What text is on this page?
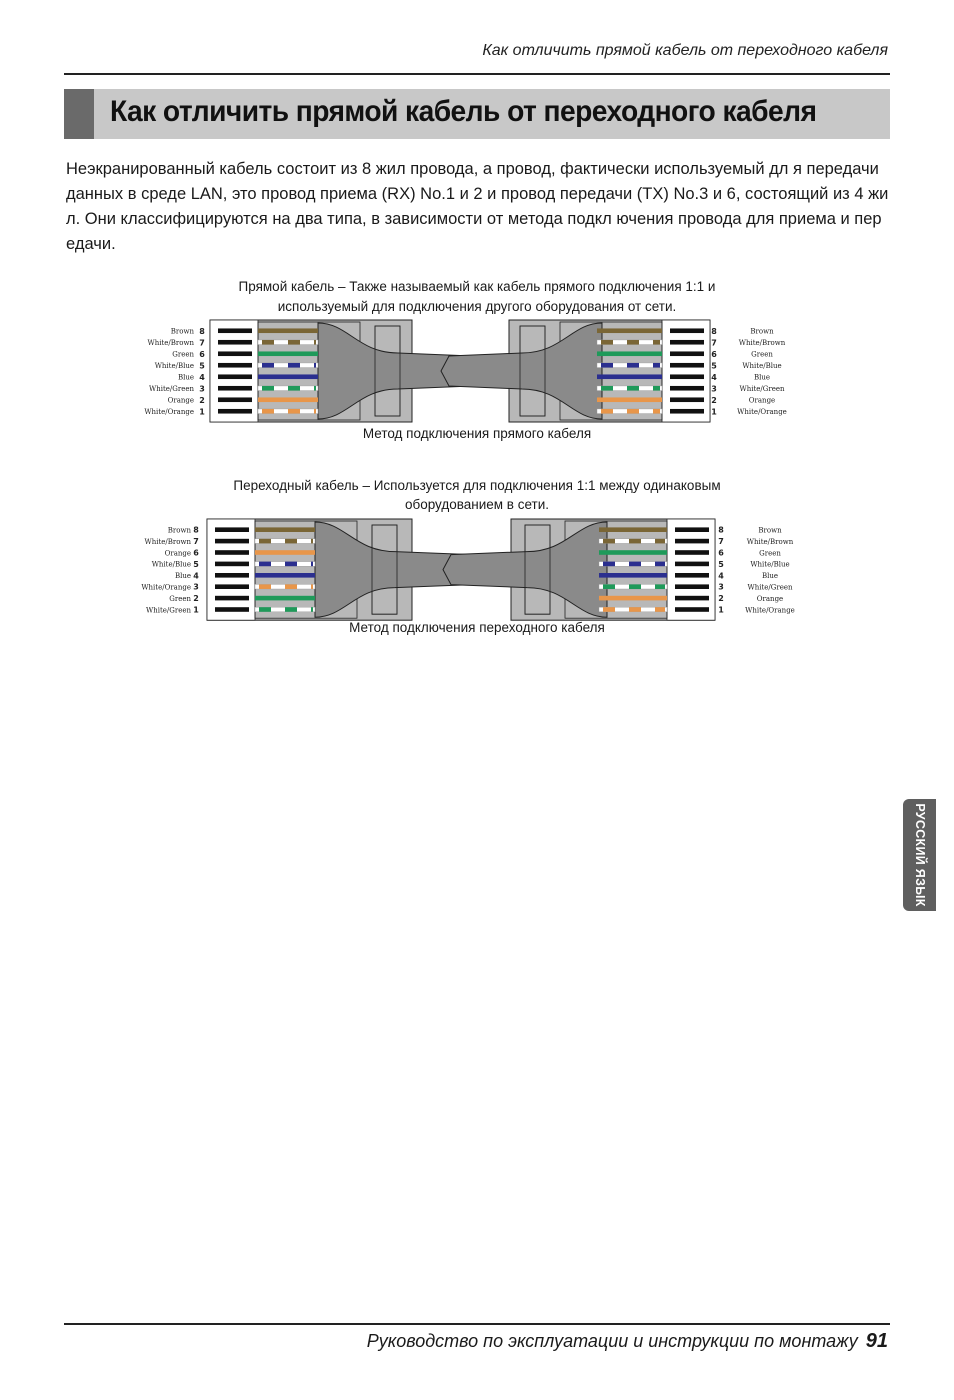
Как отличить прямой кабель от переходного кабеля
Как отличить прямой кабель от переходного кабеля

Неэкранированный кабель состоит из 8 жил провода, а провод, фактически используемый дл я передачи данных в среде LAN, это провод приема (RX) No.1 и 2 и провод передачи (TX) No.3 и 6, состоящий из 4 жил. Они классифицируются на два типа, в зависимости от метода подкл ючения провода для приема и передачи.

Прямой кабель – Также называемый как кабель прямого подключения 1:1 и
используемый для подключения другого оборудования от сети.
Brown 8
White/Brown 7
Green 6
White/Blue 5
Blue 4
White/Green 3
Orange 2
White/Orange 1
Brown
8
White/Brown
7
Green
6
White/Blue
5
Blue
4
White/Green
3
Orange
2
White/Orange
1
Метод подключения прямого кабеля
Переходный кабель – Используется для подключения 1:1 между одинаковым
оборудованием в сети.
Brown 8
White/Brown 7
Orange 6
White/Blue 5
Blue 4
White/Orange 3
Green 2
White/Green 1
Brown
8
White/Brown
7
Green
6
White/Blue
5
Blue
4
White/Green
3
Orange
2
White/Orange
1
Метод подключения переходного кабеля
РУССКИЙ ЯЗЫК
Руководство по эксплуатации и инструкции по монтажу 91
